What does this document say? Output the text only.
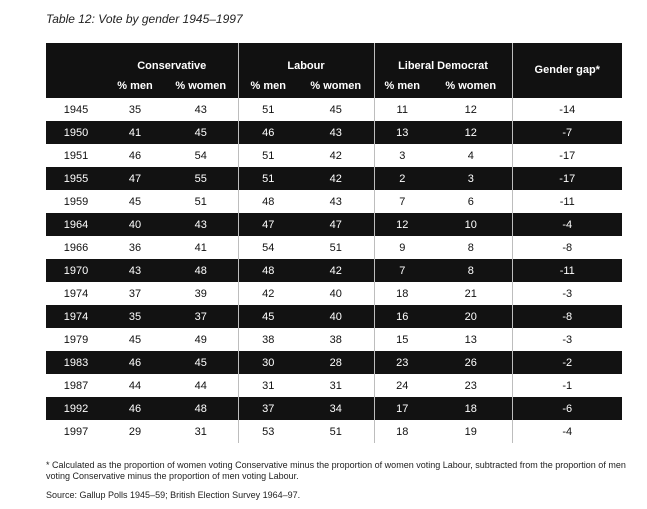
Table 12: Vote by gender 1945–1997
	Conservative		Labour		Liberal Democrat		Gender gap*
	% men	% women	% men	% women	% men	% women	
1945	35	43	51	45	11	12	-14
1950	41	45	46	43	13	12	-7
1951	46	54	51	42	3	4	-17
1955	47	55	51	42	2	3	-17
1959	45	51	48	43	7	6	-11
1964	40	43	47	47	12	10	-4
1966	36	41	54	51	9	8	-8
1970	43	48	48	42	7	8	-11
1974	37	39	42	40	18	21	-3
1974	35	37	45	40	16	20	-8
1979	45	49	38	38	15	13	-3
1983	46	45	30	28	23	26	-2
1987	44	44	31	31	24	23	-1
1992	46	48	37	34	17	18	-6
1997	29	31	53	51	18	19	-4
* Calculated as the proportion of women voting Conservative minus the proportion of women voting Labour, subtracted from the proportion of men voting Conservative minus the proportion of men voting Labour.
Source: Gallup Polls 1945–59; British Election Survey 1964–97.
